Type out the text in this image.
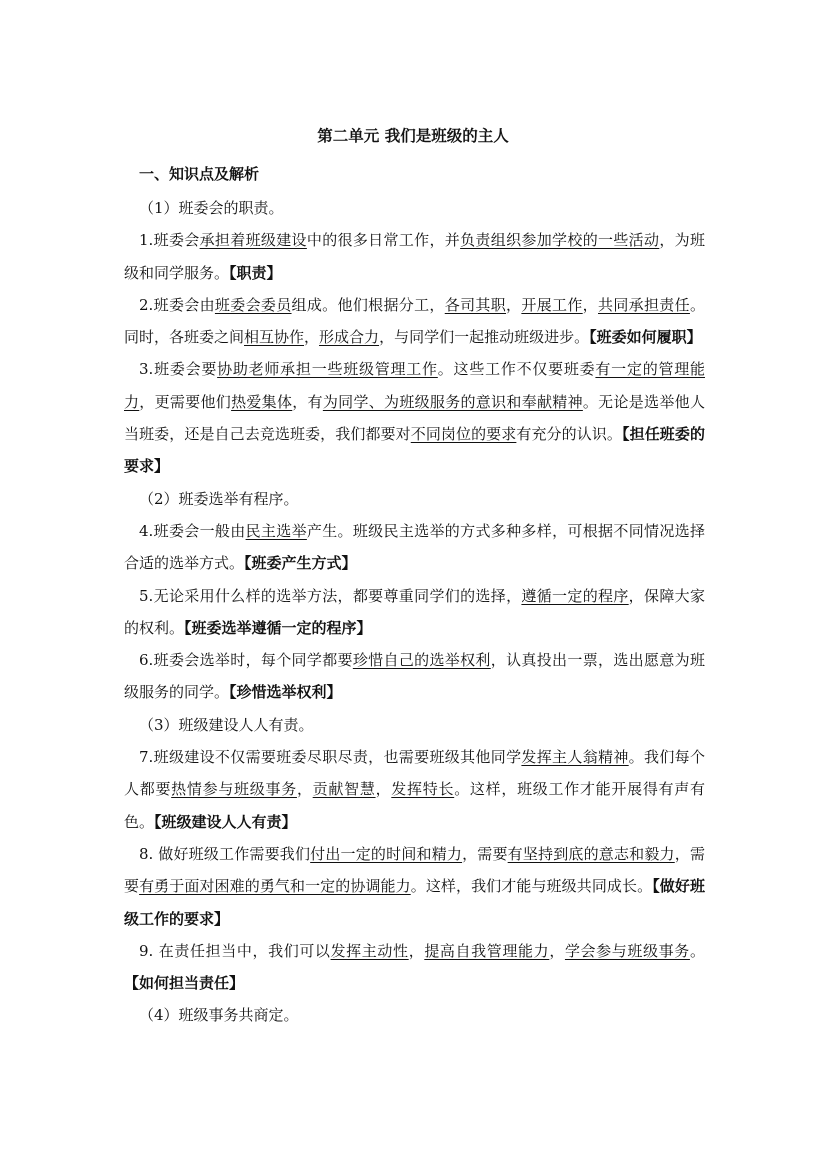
第二单元 我们是班级的主人
一、知识点及解析

（1）班委会的职责。

1.班委会承担着班级建设中的很多日常工作，并负责组织参加学校的一些活动，为班级和同学服务。【职责】

2.班委会由班委会委员组成。他们根据分工，各司其职，开展工作，共同承担责任。同时，各班委之间相互协作，形成合力，与同学们一起推动班级进步。【班委如何履职】

3.班委会要协助老师承担一些班级管理工作。这些工作不仅要班委有一定的管理能力，更需要他们热爱集体，有为同学、为班级服务的意识和奉献精神。无论是选举他人当班委，还是自己去竞选班委，我们都要对不同岗位的要求有充分的认识。【担任班委的要求】

（2）班委选举有程序。

4.班委会一般由民主选举产生。班级民主选举的方式多种多样，可根据不同情况选择合适的选举方式。【班委产生方式】

5.无论采用什么样的选举方法，都要尊重同学们的选择，遵循一定的程序，保障大家的权利。【班委选举遵循一定的程序】

6.班委会选举时，每个同学都要珍惜自己的选举权利，认真投出一票，选出愿意为班级服务的同学。【珍惜选举权利】

（3）班级建设人人有责。

7.班级建设不仅需要班委尽职尽责，也需要班级其他同学发挥主人翁精神。我们每个人都要热情参与班级事务，贡献智慧，发挥特长。这样，班级工作才能开展得有声有色。【班级建设人人有责】

8. 做好班级工作需要我们付出一定的时间和精力，需要有坚持到底的意志和毅力，需要有勇于面对困难的勇气和一定的协调能力。这样，我们才能与班级共同成长。【做好班级工作的要求】

9. 在责任担当中，我们可以发挥主动性，提高自我管理能力，学会参与班级事务。【如何担当责任】

（4）班级事务共商定。
